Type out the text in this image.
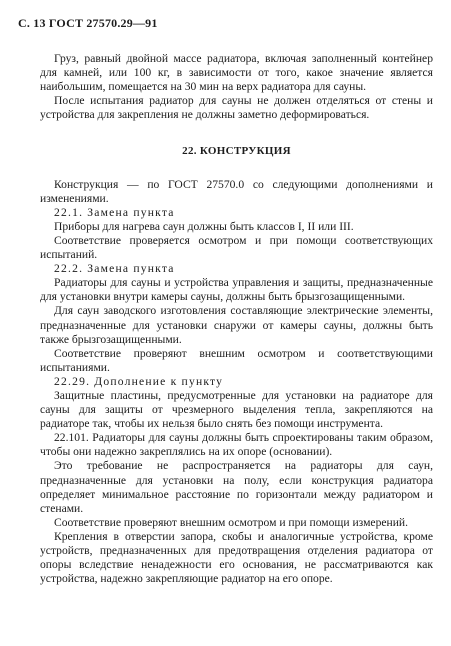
С. 13 ГОСТ 27570.29—91

Груз, равный двойной массе радиатора, включая заполненный контейнер для камней, или 100 кг, в зависимости от того, какое значение является наибольшим, помещается на 30 мин на верх радиатора для сауны.

После испытания радиатор для сауны не должен отделяться от стены и устройства для закрепления не должны заметно деформироваться.

22. КОНСТРУКЦИЯ

Конструкция — по ГОСТ 27570.0 со следующими дополнениями и изменениями.

22.1. Замена пункта

Приборы для нагрева саун должны быть классов I, II или III.

Соответствие проверяется осмотром и при помощи соответствующих испытаний.

22.2. Замена пункта

Радиаторы для сауны и устройства управления и защиты, предназначенные для установки внутри камеры сауны, должны быть брызгозащищенными.

Для саун заводского изготовления составляющие электрические элементы, предназначенные для установки снаружи от камеры сауны, должны быть также брызгозащищенными.

Соответствие проверяют внешним осмотром и соответствующими испытаниями.

22.29. Дополнение к пункту

Защитные пластины, предусмотренные для установки на радиаторе для сауны для защиты от чрезмерного выделения тепла, закрепляются на радиаторе так, чтобы их нельзя было снять без помощи инструмента.

22.101. Радиаторы для сауны должны быть спроектированы таким образом, чтобы они надежно закреплялись на их опоре (основании).

Это требование не распространяется на радиаторы для саун, предназначенные для установки на полу, если конструкция радиатора определяет минимальное расстояние по горизонтали между радиатором и стенами.

Соответствие проверяют внешним осмотром и при помощи измерений.

Крепления в отверстии запора, скобы и аналогичные устройства, кроме устройств, предназначенных для предотвращения отделения радиатора от опоры вследствие ненадежности его основания, не рассматриваются как устройства, надежно закрепляющие радиатор на его опоре.
